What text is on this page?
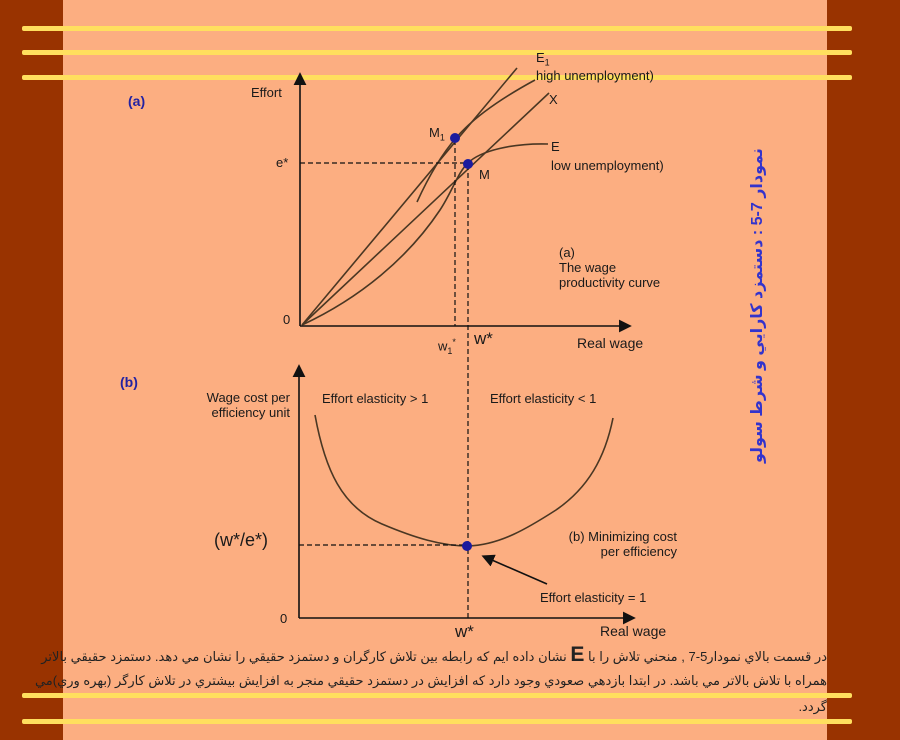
(a)
Effort
e*
$M_1$
M
$E_1$
high unemployment)
X
E
low unemployment)
0
$w_1^*$ w*	Real wage
(a)
The wage
productivity curve
(b)
Wage cost per
efficiency unit
Effort elasticity > 1	Effort elasticity < 1
(w*/e*)	(b) Minimizing cost
per efficiency
Effort elasticity = 1
0
w*	Real wage
نمودار 7-5 : دستمزد كارايي و شرط سولو
در قسمت بالاي نمودار5-7 , منحني تلاش را با E نشان داده ايم كه رابطه بين تلاش كارگران و دستمزد حقيقي را نشان مي دهد. دستمزد حقيقي بالاتر
همراه با تلاش بالاتر مي باشد. در ابتدا بازدهي صعودي وجود دارد كه افزايش در دستمزد حقيقي منجر به افزايش بيشتري در تلاش كارگر (بهره وري)مي
گردد.
